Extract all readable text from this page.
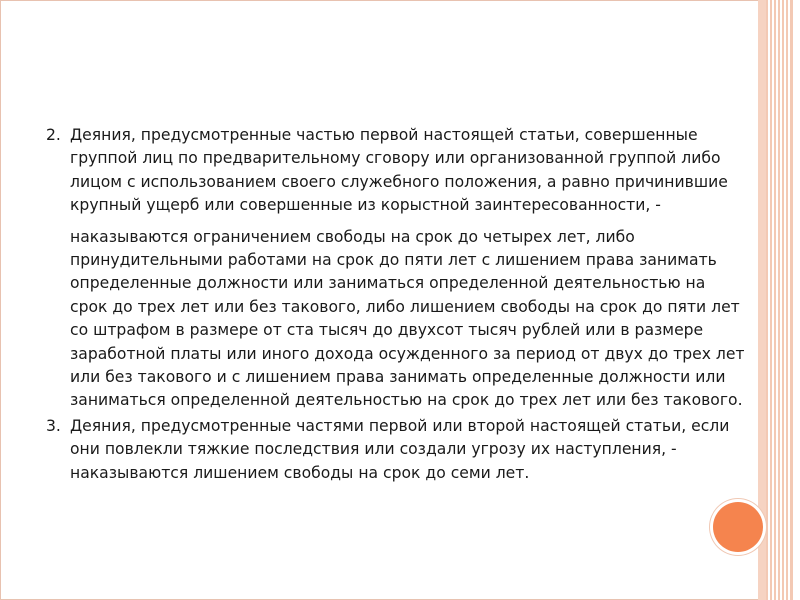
2. Деяния, предусмотренные частью первой настоящей статьи, совершенные группой лиц по предварительному сговору или организованной группой либо лицом с использованием своего служебного положения, а равно причинившие крупный ущерб или совершенные из корыстной заинтересованности, -
наказываются ограничением свободы на срок до четырех лет, либо принудительными работами на срок до пяти лет с лишением права занимать определенные должности или заниматься определенной деятельностью на срок до трех лет или без такового, либо лишением свободы на срок до пяти лет со штрафом в размере от ста тысяч до двухсот тысяч рублей или в размере заработной платы или иного дохода осужденного за период от двух до трех лет или без такового и с лишением права занимать определенные должности или заниматься определенной деятельностью на срок до трех лет или без такового.
3. Деяния, предусмотренные частями первой или второй настоящей статьи, если они повлекли тяжкие последствия или создали угрозу их наступления, - наказываются лишением свободы на срок до семи лет.
